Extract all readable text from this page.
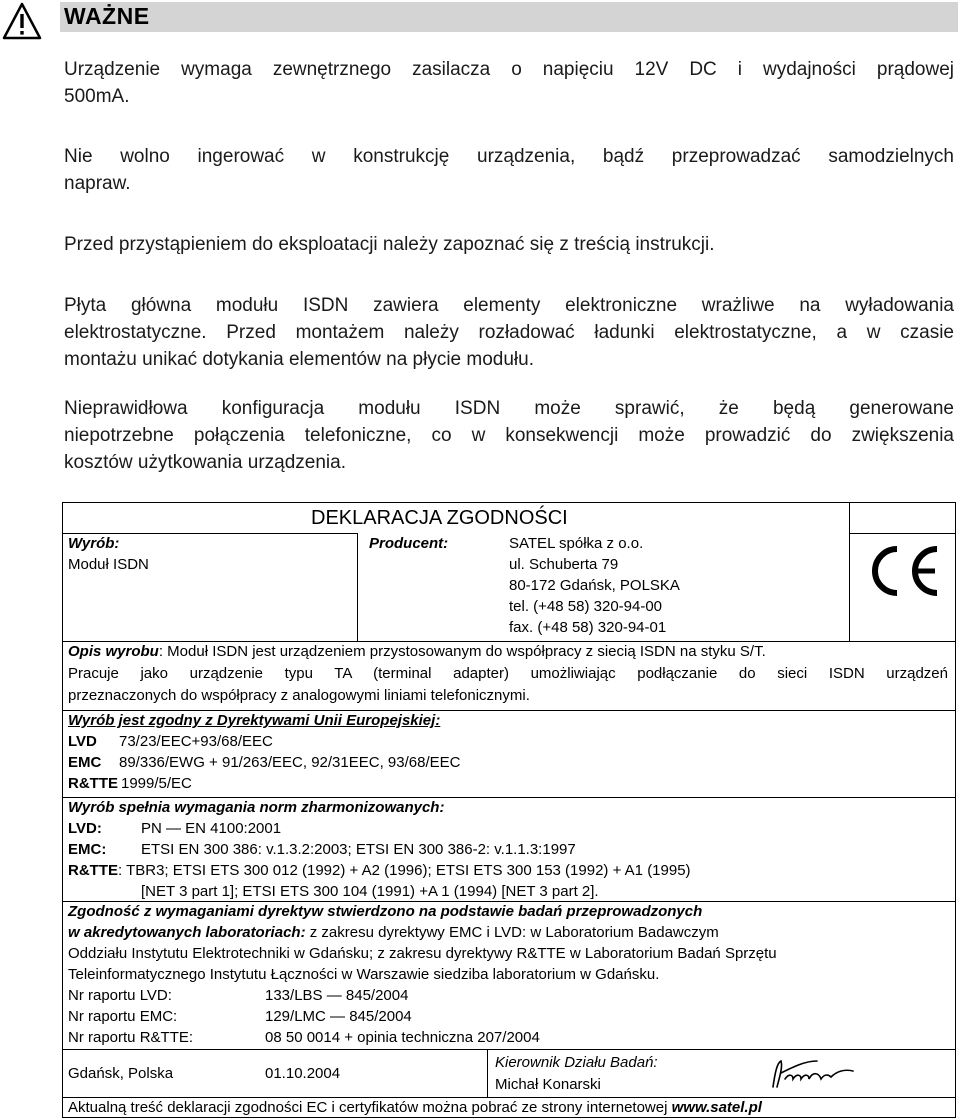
WAŻNE
Urządzenie wymaga zewnętrznego zasilacza o napięciu 12V DC i wydajności prądowej
500mA.
Nie wolno ingerować w konstrukcję urządzenia, bądź przeprowadzać samodzielnych
napraw.
Przed przystąpieniem do eksploatacji należy zapoznać się z treścią instrukcji.
Płyta główna modułu ISDN zawiera elementy elektroniczne wrażliwe na wyładowania
elektrostatyczne. Przed montażem należy rozładować ładunki elektrostatyczne, a w czasie
montażu unikać dotykania elementów na płycie modułu.
Nieprawidłowa konfiguracja modułu ISDN może sprawić, że będą generowane
niepotrzebne połączenia telefoniczne, co w konsekwencji może prowadzić do zwiększenia
kosztów użytkowania urządzenia.
DEKLARACJA ZGODNOŚCI
Wyrób:
Moduł ISDN
Producent:	SATEL spółka z o.o.
ul. Schuberta 79
80-172 Gdańsk, POLSKA
tel. (+48 58) 320-94-00
fax. (+48 58) 320-94-01
Opis wyrobu: Moduł ISDN jest urządzeniem przystosowanym do współpracy z siecią ISDN na styku S/T.
Pracuje jako urządzenie typu TA (terminal adapter) umożliwiając podłączanie do sieci ISDN urządzeń
przeznaczonych do współpracy z analogowymi liniami telefonicznymi.
Wyrób jest zgodny z Dyrektywami Unii Europejskiej:
LVD 73/23/EEC+93/68/EEC
EMC 89/336/EWG + 91/263/EEC, 92/31EEC, 93/68/EEC
R&TTE 1999/5/EC
Wyrób spełnia wymagania norm zharmonizowanych:
LVD:	PN — EN 4100:2001
EMC: ETSI EN 300 386: v.1.3.2:2003; ETSI EN 300 386-2: v.1.1.3:1997
R&TTE: TBR3; ETSI ETS 300 012 (1992) + A2 (1996); ETSI ETS 300 153 (1992) + A1 (1995)
[NET 3 part 1]; ETSI ETS 300 104 (1991) +A 1 (1994) [NET 3 part 2].
Zgodność z wymaganiami dyrektyw stwierdzono na podstawie badań przeprowadzonych
w akredytowanych laboratoriach: z zakresu dyrektywy EMC i LVD: w Laboratorium Badawczym
Oddziału Instytutu Elektrotechniki w Gdańsku; z zakresu dyrektywy R&TTE w Laboratorium Badań Sprzętu
Teleinformatycznego Instytutu Łączności w Warszawie siedziba laboratorium w Gdańsku.
Nr raportu LVD:	133/LBS — 845/2004
Nr raportu EMC:	129/LMC — 845/2004
Nr raportu R&TTE:	08 50 0014 + opinia techniczna 207/2004
Gdańsk, Polska	01.10.2004
Kierownik Działu Badań:
Michał Konarski
Aktualną treść deklaracji zgodności EC i certyfikatów można pobrać ze strony internetowej www.satel.pl
